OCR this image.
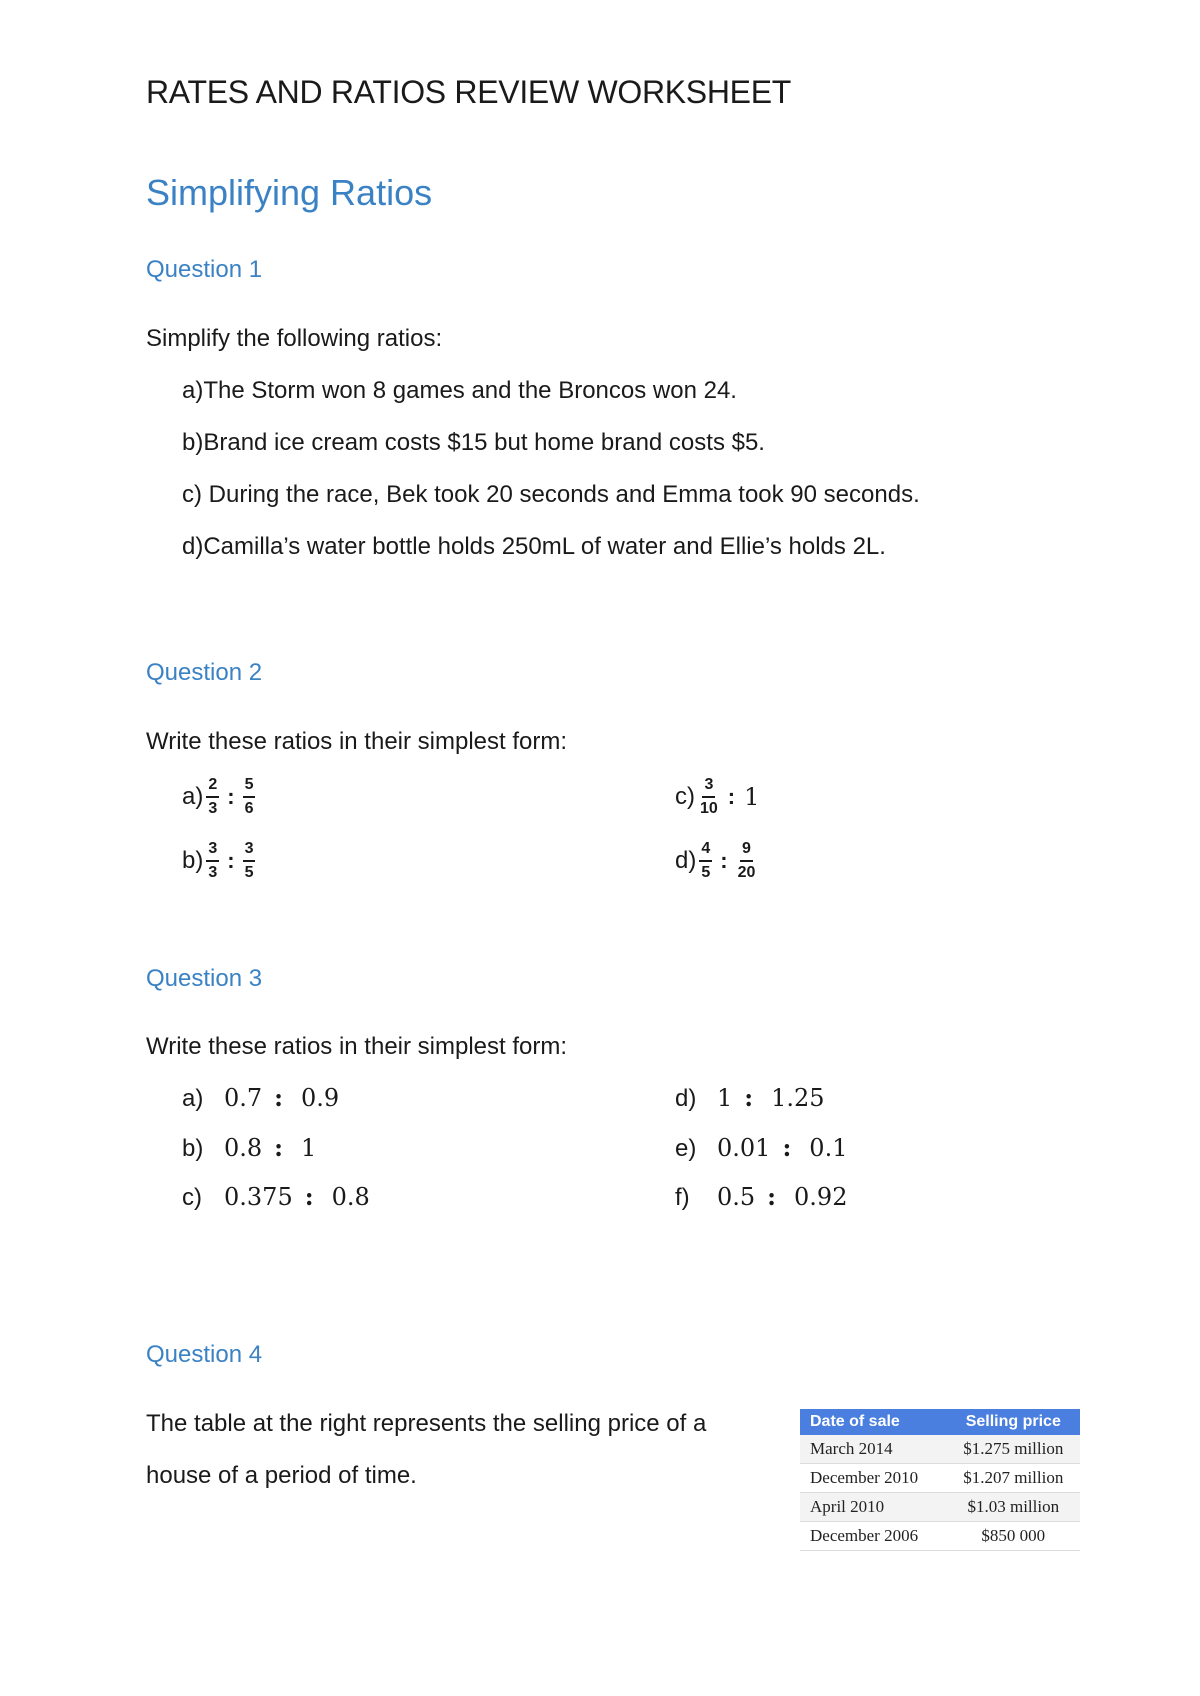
RATES AND RATIOS REVIEW WORKSHEET
Simplifying Ratios
Question 1
Simplify the following ratios:
a)The Storm won 8 games and the Broncos won 24.
b)Brand ice cream costs $15 but home brand costs $5.
c) During the race, Bek took 20 seconds and Emma took 90 seconds.
d)Camilla’s water bottle holds 250mL of water and Ellie’s holds 2L.
Question 2
Write these ratios in their simplest form:
$a) \frac{2}{3}$ : $\frac{5}{6}$
$b) \frac{3}{3}$ : $\frac{3}{5}$
$c) \frac{3}{10}$ : 1
$d) \frac{4}{5}$ : $\frac{9}{20}$
Question 3
Write these ratios in their simplest form:
a) 0.7 : 0.9
b) 0.8 : 1
c) 0.375 : 0.8
d) 1 : 1.25
e) 0.01 : 0.1
f)	0.5 : 0.92
Question 4
The table at the right represents the selling price of a house of a period of time.
Date of sale	Selling price
March 2014	$1.275 million
December 2010	$1.207 million
April 2010	$1.03 million
December 2006	$850 000
